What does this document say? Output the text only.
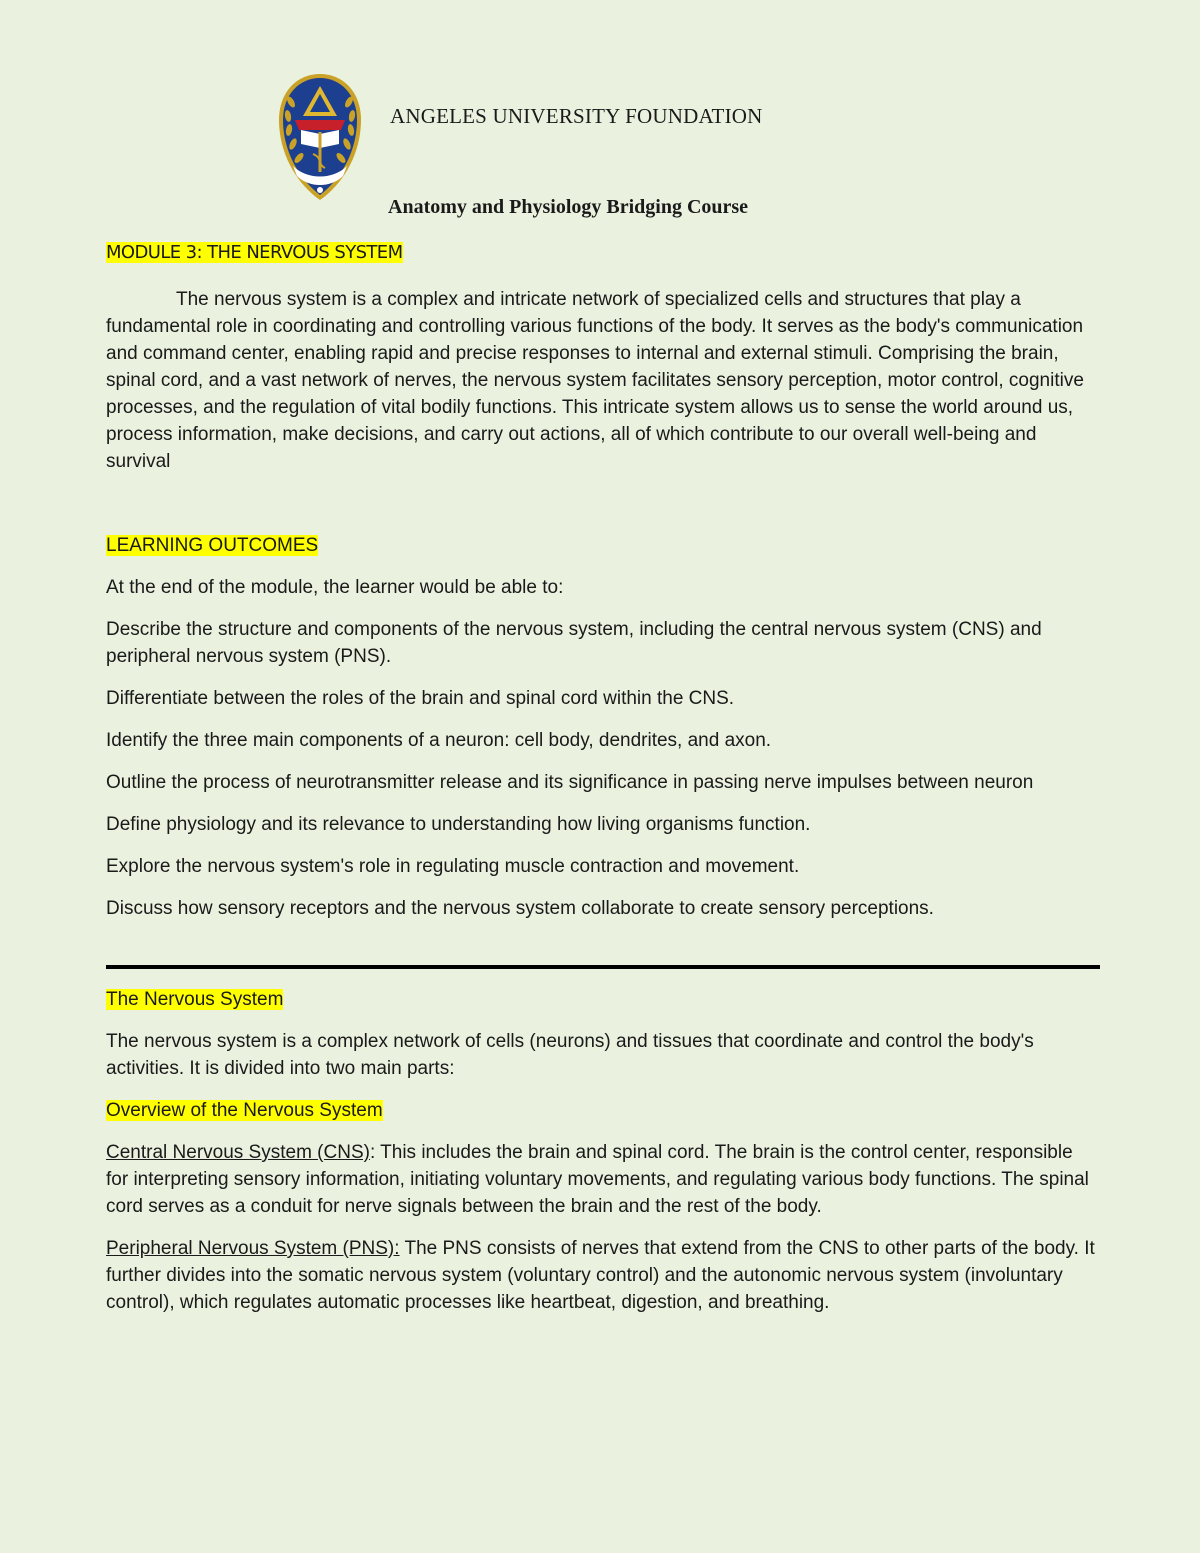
ANGELES UNIVERSITY FOUNDATION
Anatomy and Physiology Bridging Course
MODULE 3: THE NERVOUS SYSTEM

The nervous system is a complex and intricate network of specialized cells and structures that play a fundamental role in coordinating and controlling various functions of the body. It serves as the body's communication and command center, enabling rapid and precise responses to internal and external stimuli. Comprising the brain, spinal cord, and a vast network of nerves, the nervous system facilitates sensory perception, motor control, cognitive processes, and the regulation of vital bodily functions. This intricate system allows us to sense the world around us, process information, make decisions, and carry out actions, all of which contribute to our overall well-being and survival

LEARNING OUTCOMES

At the end of the module, the learner would be able to:

Describe the structure and components of the nervous system, including the central nervous system (CNS) and peripheral nervous system (PNS).

Differentiate between the roles of the brain and spinal cord within the CNS.

Identify the three main components of a neuron: cell body, dendrites, and axon.

Outline the process of neurotransmitter release and its significance in passing nerve impulses between neuron

Define physiology and its relevance to understanding how living organisms function.

Explore the nervous system's role in regulating muscle contraction and movement.

Discuss how sensory receptors and the nervous system collaborate to create sensory perceptions.

The Nervous System

The nervous system is a complex network of cells (neurons) and tissues that coordinate and control the body's activities. It is divided into two main parts:

Overview of the Nervous System

Central Nervous System (CNS): This includes the brain and spinal cord. The brain is the control center, responsible for interpreting sensory information, initiating voluntary movements, and regulating various body functions. The spinal cord serves as a conduit for nerve signals between the brain and the rest of the body.

Peripheral Nervous System (PNS): The PNS consists of nerves that extend from the CNS to other parts of the body. It further divides into the somatic nervous system (voluntary control) and the autonomic nervous system (involuntary control), which regulates automatic processes like heartbeat, digestion, and breathing.
